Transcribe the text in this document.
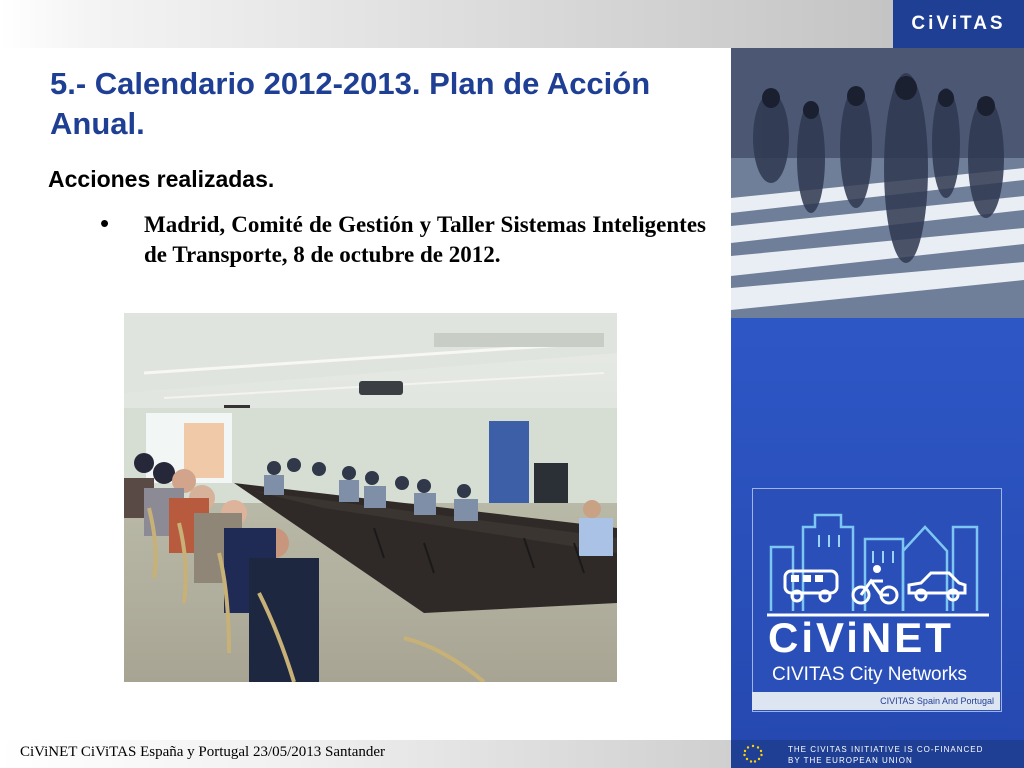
CiViTAS
5.- Calendario 2012-2013. Plan de Acción Anual.
Acciones realizadas.
• Madrid, Comité de Gestión y Taller Sistemas Inteligentes de Transporte, 8 de octubre de 2012.
CiViNET
CIVITAS City Networks
CIVITAS Spain And Portugal
CiViNET CiViTAS España y Portugal 23/05/2013 Santander	THE CIVITAS INITIATIVE IS CO-FINANCED
BY THE EUROPEAN UNION
